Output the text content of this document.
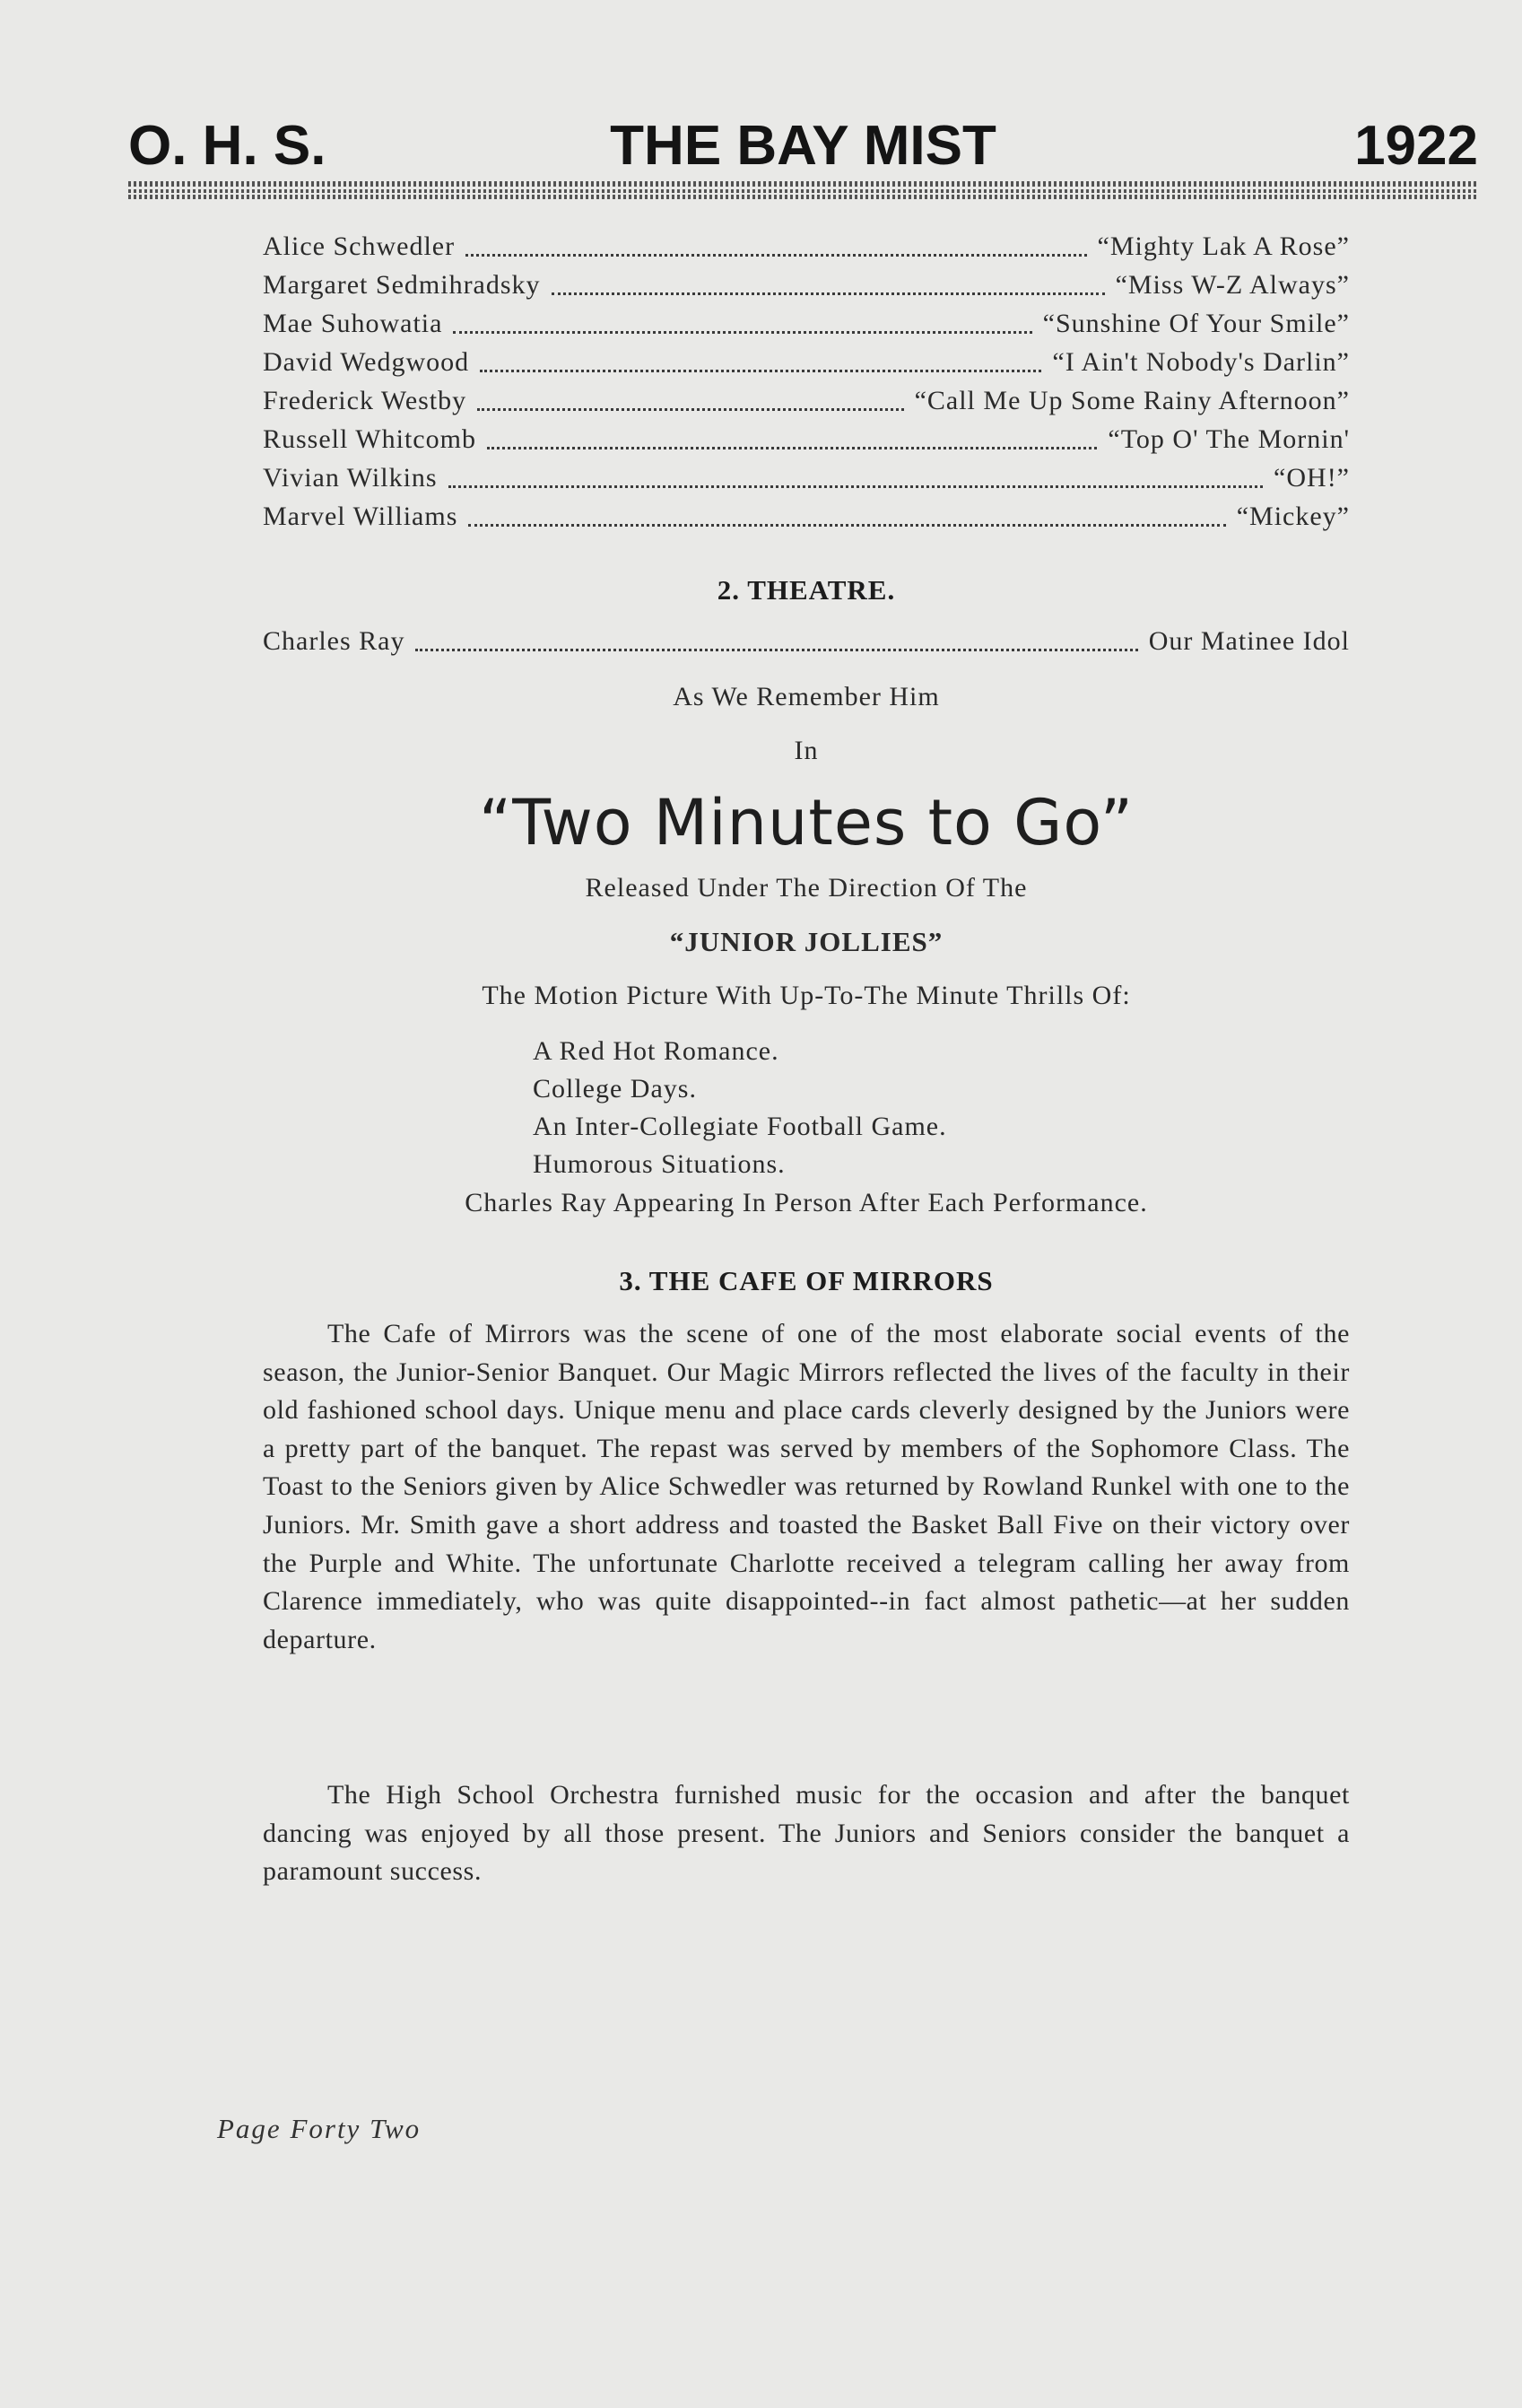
THE BAY MIST
O. H. S.	1922
Alice Schwedler	“Mighty Lak A Rose”
Margaret Sedmihradsky	“Miss W-Z Always”
Mae Suhowatia	“Sunshine Of Your Smile”
David Wedgwood	“I Ain't Nobody's Darlin”
Frederick Westby	“Call Me Up Some Rainy Afternoon”
Russell Whitcomb	“Top O' The Mornin'
Vivian Wilkins	“OH!”
Marvel Williams	“Mickey”
2. THEATRE.
Charles Ray	Our Matinee Idol
As We Remember Him
In
“Two Minutes to Go”
Released Under The Direction Of The
“JUNIOR JOLLIES”
The Motion Picture With Up-To-The Minute Thrills Of:
A Red Hot Romance.
College Days.
An Inter-Collegiate Football Game.
Humorous Situations.
Charles Ray Appearing In Person After Each Performance.
3. THE CAFE OF MIRRORS
The Cafe of Mirrors was the scene of one of the most elaborate social events of the season, the Junior-Senior Banquet. Our Magic Mirrors reflected the lives of the faculty in their old fashioned school days. Unique menu and place cards cleverly designed by the Juniors were a pretty part of the banquet. The repast was served by members of the Sophomore Class. The Toast to the Seniors given by Alice Schwedler was returned by Rowland Runkel with one to the Juniors. Mr. Smith gave a short address and toasted the Basket Ball Five on their victory over the Purple and White. The unfortunate Charlotte received a telegram calling her away from Clarence immediately, who was quite disappointed--in fact almost pathetic—at her sudden departure.
The High School Orchestra furnished music for the occasion and after the banquet dancing was enjoyed by all those present. The Juniors and Seniors consider the banquet a paramount success.
Page Forty Two
